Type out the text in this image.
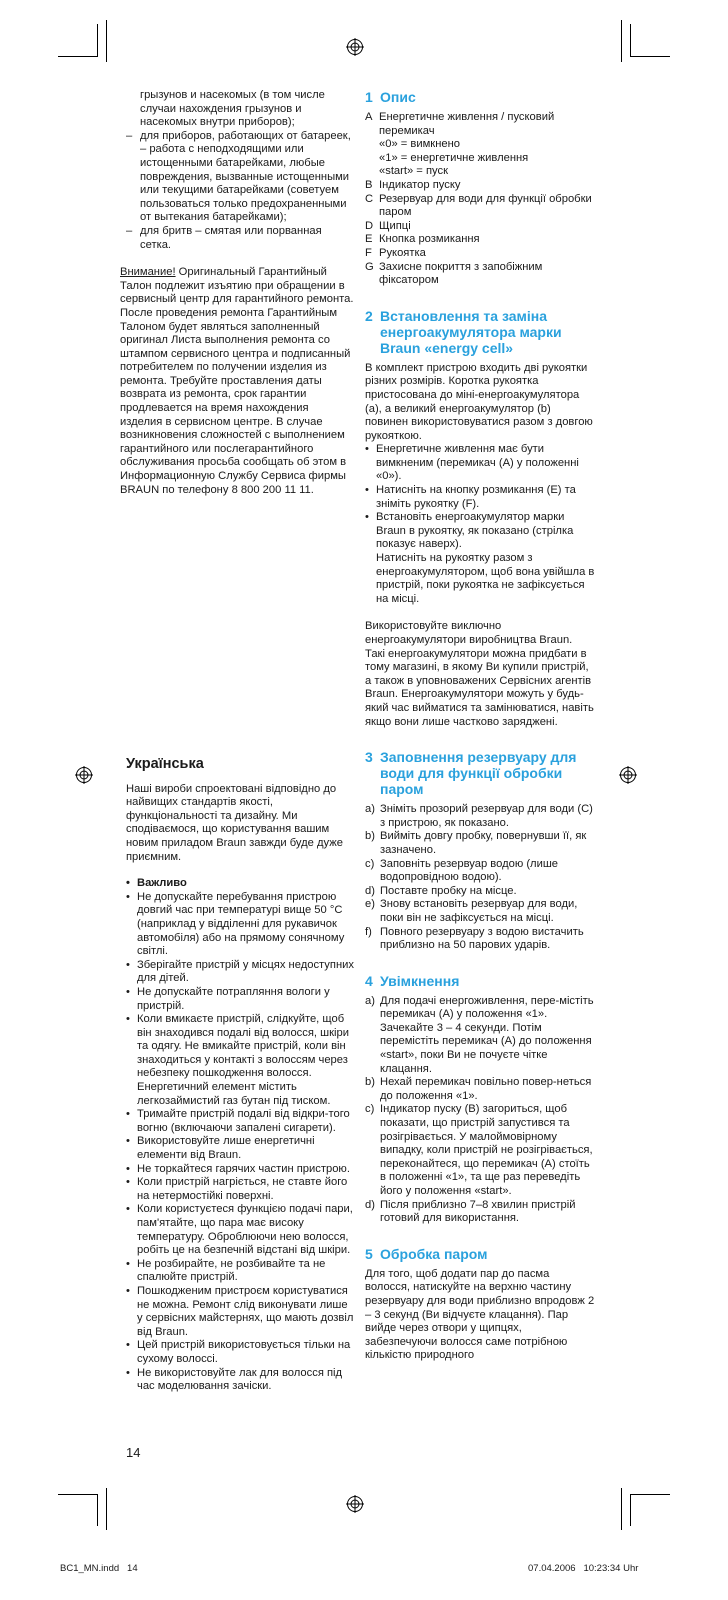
грызунов и насекомых (в том числе случаи нахождения грызунов и насекомых внутри приборов);

– для приборов, работающих от батареек, – работа с неподходящими или истощенными батарейками, любые повреждения, вызванные истощенными или текущими батарейками (советуем пользоваться только предохраненными от вытекания батарейками);
– для бритв – смятая или порванная сетка.

Внимание! Оригинальный Гарантийный Талон подлежит изъятию при обращении в сервисный центр для гарантийного ремонта. После проведения ремонта Гарантийным Талоном будет являться заполненный оригинал Листа выполнения ремонта со штампом сервисного центра и подписанный потребителем по получении изделия из ремонта. Требуйте проставления даты возврата из ремонта, срок гарантии продлевается на время нахождения изделия в сервисном центре. В случае возникновения сложностей с выполнением гарантийного или послегарантийного обслуживания просьба сообщать об этом в Информационную Службу Сервиса фирмы BRAUN по телефону 8 800 200 11 11.

Українська

Наші вироби спроектовані відповідно до найвищих стандартів якості, функціональності та дизайну. Ми сподіваємося, що користування вашим новим приладом Braun завжди буде дуже приємним.

• Важливо
• Не допускайте перебування пристрою довгий час при температурі вище 50 °C (наприклад у відділенні для рукавичок автомобіля) або на прямому сонячному світлі.
• Зберігайте пристрій у місцях недоступних для дітей.
• Не допускайте потрапляння вологи у пристрій.
• Коли вмикаєте пристрій, слідкуйте, щоб він знаходився подалі від волосся, шкіри та одягу. Не вмикайте пристрій, коли він знаходиться у контакті з волоссям через небезпеку пошкодження волосся. Енергетичний елемент містить легкозаймистий газ бутан під тиском.
• Тримайте пристрій подалі від відкри-того вогню (включаючи запалені сигарети).
• Використовуйте лише енергетичні елементи від Braun.
• Не торкайтеся гарячих частин пристрою.
• Коли пристрій нагріється, не ставте його на нетермостійкі поверхні.
• Коли користуєтеся функцією подачі пари, пам'ятайте, що пара має високу температуру. Оброблюючи нею волосся, робіть це на безпечній відстані від шкіри.
• Не розбирайте, не розбивайте та не спалюйте пристрій.
• Пошкодженим пристроєм користуватися не можна. Ремонт слід виконувати лише у сервісних майстернях, що мають дозвіл від Braun.
• Цей пристрій використовується тільки на сухому волоссі.
• Не використовуйте лак для волосся під час моделювання зачіски.
1 Опис
A Енергетичне живлення / пусковий перемикач
«0» = вимкнено
«1» = енергетичне живлення
«start» = пуск
B Індикатор пуску
C Резервуар для води для функції обробки паром
D Щипці
E Кнопка розмикання
F Рукоятка
G Захисне покриття з запобіжним фіксатором
2 Встановлення та заміна енергоакумулятора марки Braun «energy cell»

В комплект пристрою входить дві рукоятки різних розмірів. Коротка рукоятка пристосована до міні-енергоакумулятора (a), а великий енергоакумулятор (b) повинен використовуватися разом з довгою рукояткою.

• Енергетичне живлення має бути вимкненим (перемикач (A) у положенні «0»).
• Натисніть на кнопку розмикання (E) та зніміть рукоятку (F).
• Встановіть енергоакумулятор марки Braun в рукоятку, як показано (стрілка показує наверх).
Натисніть на рукоятку разом з енергоакумулятором, щоб вона увійшла в пристрій, поки рукоятка не зафіксується на місці.

Використовуйте виключно енергоакумулятори виробництва Braun. Такі енергоакумулятори можна придбати в тому магазині, в якому Ви купили пристрій, а також в уповноважених Сервісних агентів Braun. Енергоакумулятори можуть у будь-який час вийматися та замінюватися, навіть якщо вони лише частково заряджені.

3 Заповнення резервуару для води для функції обробки паром
a) Зніміть прозорий резервуар для води (C) з пристрою, як показано.
b) Вийміть довгу пробку, повернувши її, як зазначено.
c) Заповніть резервуар водою (лише водопровідною водою).
d) Поставте пробку на місце.
e) Знову встановіть резервуар для води, поки він не зафіксується на місці.
f) Повного резервуару з водою вистачить приблизно на 50 парових ударів.
4 Увімкнення
a) Для подачі енергоживлення, пере-містіть перемикач (A) у положення «1». Зачекайте 3 – 4 секунди. Потім перемістіть перемикач (A) до положення «start», поки Ви не почуєте чітке клацання.
b) Нехай перемикач повільно повер-неться до положення «1».
c) Індикатор пуску (B) загориться, щоб показати, що пристрій запустився та розігрівається. У малоймовірному випадку, коли пристрій не розігрівається, переконайтеся, що перемикач (A) стоїть в положенні «1», та ще раз переведіть його у положення «start».
d) Після приблизно 7–8 хвилин пристрій готовий для використання.
5 Обробка паром

Для того, щоб додати пар до пасма волосся, натискуйте на верхню частину резервуару для води приблизно впродовж 2 – 3 секунд (Ви відчуєте клацання). Пар вийде через отвори у щипцях, забезпечуючи волосся саме потрібною кількістю природного

14
BC1_MN.indd   14	07.04.2006   10:23:34 Uhr
